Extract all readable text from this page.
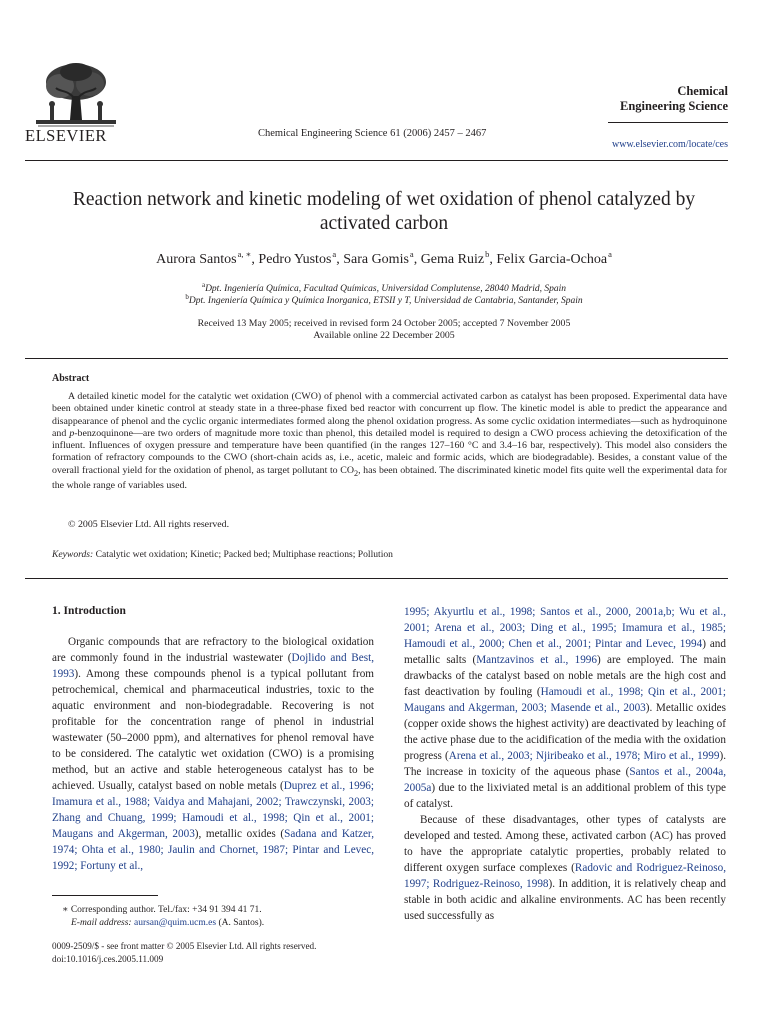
ELSEVIER	Chemical Engineering Science 61 (2006) 2457 – 2467
Chemical
Engineering Science
www.elsevier.com/locate/ces
Reaction network and kinetic modeling of wet oxidation of phenol catalyzed by activated carbon
Aurora Santos$^{a, ∗}$, Pedro Yustos$^a$, Sara Gomis$^a$, Gema Ruiz$^b$, Felix Garcia-Ochoa$^a$
$^a$Dpt. Ingeniería Química, Facultad Químicas, Universidad Complutense, 28040 Madrid, Spain
$^b$Dpt. Ingeniería Química y Química Inorganica, ETSII y T, Universidad de Cantabria, Santander, Spain
Received 13 May 2005; received in revised form 24 October 2005; accepted 7 November 2005
Available online 22 December 2005
Abstract
A detailed kinetic model for the catalytic wet oxidation (CWO) of phenol with a commercial activated carbon as catalyst has been proposed. Experimental data have been obtained under kinetic control at steady state in a three-phase fixed bed reactor with concurrent up flow. The kinetic model is able to predict the appearance and disappearance of phenol and the cyclic organic intermediates formed along the phenol oxidation progress. As some cyclic oxidation intermediates—such as hydroquinone and p-benzoquinone—are two orders of magnitude more toxic than phenol, this detailed model is required to design a CWO process achieving the detoxification of the influent. Influences of oxygen pressure and temperature have been quantified (in the ranges 127–160 °C and 3.4–16 bar, respectively). This model also considers the formation of refractory compounds to the CWO (short-chain acids as, i.e., acetic, maleic and formic acids, which are biodegradable). Besides, a constant value of the overall fractional yield for the oxidation of phenol, as target pollutant to $CO_2$, has been obtained. The discriminated kinetic model fits quite well the experimental data for the whole range of variables used.
© 2005 Elsevier Ltd. All rights reserved.
Keywords: Catalytic wet oxidation; Kinetic; Packed bed; Multiphase reactions; Pollution
1. Introduction
Organic compounds that are refractory to the biological oxidation are commonly found in the industrial wastewater (Dojlido and Best, 1993). Among these compounds phenol is a typical pollutant from petrochemical, chemical and pharmaceutical industries, toxic to the aquatic environment and non-biodegradable. Recovering is not profitable for the concentration range of phenol in industrial wastewater (50–2000 ppm), and alternatives for phenol removal have to be considered. The catalytic wet oxidation (CWO) is a promising method, but an active and stable heterogeneous catalyst has to be achieved. Usually, catalyst based on noble metals (Duprez et al., 1996; Imamura et al., 1988; Vaidya and Mahajani, 2002; Trawczynski, 2003; Zhang and Chuang, 1999; Hamoudi et al., 1998; Qin et al., 2001; Maugans and Akgerman, 2003), metallic oxides (Sadana and Katzer, 1974; Ohta et al., 1980; Jaulin and Chornet, 1987; Pintar and Levec, 1992; Fortuny et al.,

1995; Akyurtlu et al., 1998; Santos et al., 2000, 2001a,b; Wu et al., 2001; Arena et al., 2003; Ding et al., 1995; Imamura et al., 1985; Hamoudi et al., 2000; Chen et al., 2001; Pintar and Levec, 1994) and metallic salts (Mantzavinos et al., 1996) are employed. The main drawbacks of the catalyst based on noble metals are the high cost and fast deactivation by fouling (Hamoudi et al., 1998; Qin et al., 2001; Maugans and Akgerman, 2003; Masende et al., 2003). Metallic oxides (copper oxide shows the highest activity) are deactivated by leaching of the active phase due to the acidification of the media with the oxidation progress (Arena et al., 2003; Njiribeako et al., 1978; Miro et al., 1999). The increase in toxicity of the aqueous phase (Santos et al., 2004a, 2005a) due to the lixiviated metal is an additional problem of this type of catalyst.

Because of these disadvantages, other types of catalysts are developed and tested. Among these, activated carbon (AC) has proved to have the appropriate catalytic properties, probably related to different oxygen surface complexes (Radovic and Rodriguez-Reinoso, 1997; Rodriguez-Reinoso, 1998). In addition, it is relatively cheap and stable in both acidic and alkaline environments. AC has been recently used successfully as

∗ Corresponding author. Tel./fax: +34 91 394 41 71.
E-mail address: aursan@quim.ucm.es (A. Santos).
0009-2509/$ - see front matter © 2005 Elsevier Ltd. All rights reserved.
doi:10.1016/j.ces.2005.11.009
